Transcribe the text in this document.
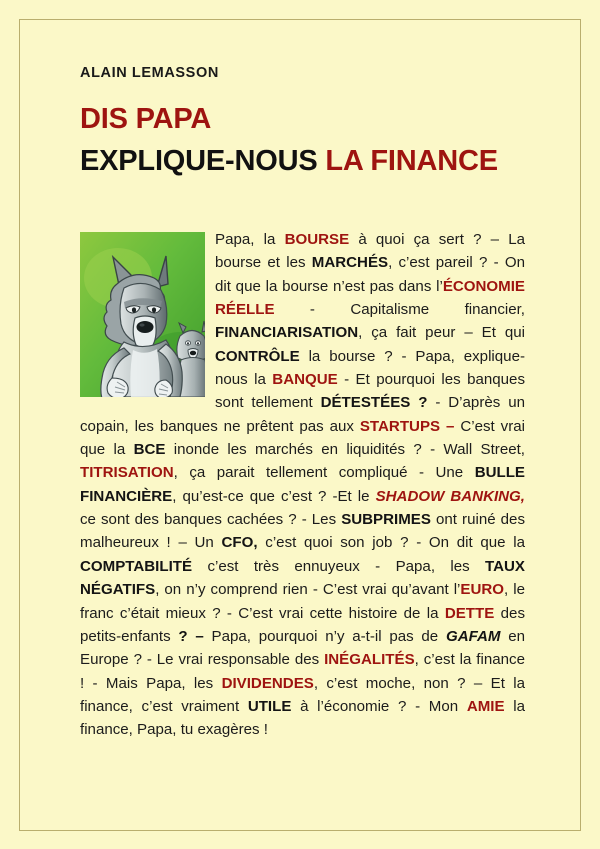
ALAIN LEMASSON
DIS PAPA
EXPLIQUE-NOUS LA FINANCE
Papa, la BOURSE à quoi ça sert ? – La bourse et les MARCHÉS, c’est pareil ? - On dit que la bourse n’est pas dans l’ÉCONOMIE RÉELLE - Capitalisme financier, FINANCIARISATION, ça fait peur – Et qui CONTRÔLE la bourse ? - Papa, explique-nous la BANQUE - Et pourquoi les banques sont tellement DÉTESTÉES ? - D’après un copain, les banques ne prêtent pas aux STARTUPS – C’est vrai que la BCE inonde les marchés en liquidités ? - Wall Street, TITRISATION, ça parait tellement compliqué - Une BULLE FINANCIÈRE, qu’est-ce que c’est ? -Et le SHADOW BANKING, ce sont des banques cachées ? - Les SUBPRIMES ont ruiné des malheureux ! – Un CFO, c’est quoi son job ? - On dit que la COMPTABILITÉ c’est très ennuyeux - Papa, les TAUX NÉGATIFS, on n’y comprend rien - C’est vrai qu’avant l’EURO, le franc c’était mieux ? - C’est vrai cette histoire de la DETTE des petits-enfants ? – Papa, pourquoi n’y a-t-il pas de GAFAM en Europe ? - Le vrai responsable des INÉGALITÉS, c’est la finance ! - Mais Papa, les DIVIDENDES, c’est moche, non ? – Et la finance, c’est vraiment UTILE à l’économie ? - Mon AMIE la finance, Papa, tu exagères !
